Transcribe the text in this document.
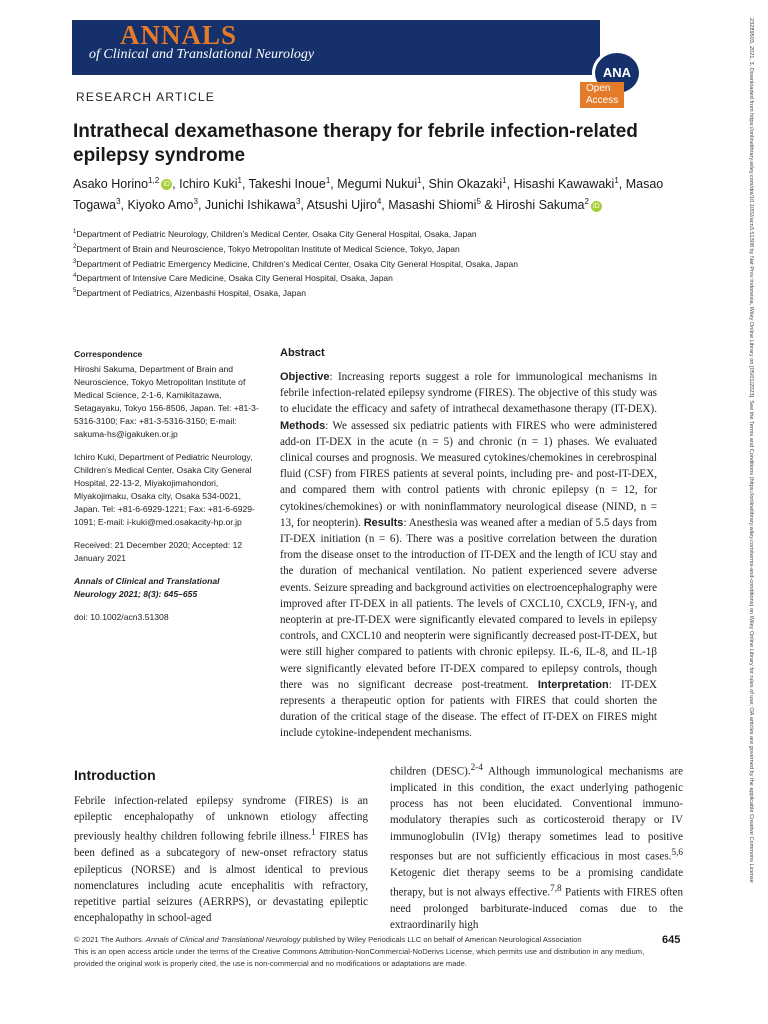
ANNALS
of Clinical and Translational Neurology
ANA
AMERICAN NEUROLOGICAL ASSOCIATION
Open Access
RESEARCH ARTICLE
Intrathecal dexamethasone therapy for febrile infection-related epilepsy syndrome
Asako Horino$^{1,2}$ iD , Ichiro Kuki$^1$, Takeshi Inoue$^1$, Megumi Nukui$^1$, Shin Okazaki$^1$, Hisashi Kawawaki$^1$, Masao Togawa$^3$, Kiyoko Amo$^3$, Junichi Ishikawa$^3$, Atsushi Ujiro$^4$, Masashi Shiomi$^5$ & Hiroshi Sakuma$^2$ iD
$^1$Department of Pediatric Neurology, Children’s Medical Center, Osaka City General Hospital, Osaka, Japan
$^2$Department of Brain and Neuroscience, Tokyo Metropolitan Institute of Medical Science, Tokyo, Japan
$^3$Department of Pediatric Emergency Medicine, Children’s Medical Center, Osaka City General Hospital, Osaka, Japan
$^4$Department of Intensive Care Medicine, Osaka City General Hospital, Osaka, Japan
$^5$Department of Pediatrics, Aizenbashi Hospital, Osaka, Japan
Correspondence

Hiroshi Sakuma, Department of Brain and Neuroscience, Tokyo Metropolitan Institute of Medical Science, 2-1-6, Kamikitazawa, Setagayaku, Tokyo 156-8506, Japan. Tel: +81-3-5316-3100; Fax: +81-3-5316-3150; E-mail: sakuma-hs@igakuken.or.jp

Ichiro Kuki, Department of Pediatric Neurology, Children’s Medical Center, Osaka City General Hospital, 22-13-2, Miyakojimahondori, Miyakojimaku, Osaka city, Osaka 534-0021, Japan. Tel: +81-6-6929-1221; Fax: +81-6-6929-1091; E-mail: i-kuki@med.osakacity-hp.or.jp

Received: 21 December 2020; Accepted: 12 January 2021

Annals of Clinical and Translational Neurology 2021; 8(3): 645–655

doi: 10.1002/acn3.51308

Abstract
Objective: Increasing reports suggest a role for immunological mechanisms in febrile infection-related epilepsy syndrome (FIRES). The objective of this study was to elucidate the efficacy and safety of intrathecal dexamethasone therapy (IT-DEX). Methods: We assessed six pediatric patients with FIRES who were administered add-on IT-DEX in the acute (n = 5) and chronic (n = 1) phases. We evaluated clinical courses and prognosis. We measured cytokines/chemokines in cerebrospinal fluid (CSF) from FIRES patients at several points, including pre- and post-IT-DEX, and compared them with control patients with chronic epilepsy (n = 12, for cytokines/chemokines) or with noninflammatory neurological disease (NIND, n = 13, for neopterin). Results: Anesthesia was weaned after a median of 5.5 days from IT-DEX initiation (n = 6). There was a positive correlation between the duration from the disease onset to the introduction of IT-DEX and the length of ICU stay and the duration of mechanical ventilation. No patient experienced severe adverse events. Seizure spreading and background activities on electroencephalography were improved after IT-DEX in all patients. The levels of CXCL10, CXCL9, IFN-γ, and neopterin at pre-IT-DEX were significantly elevated compared to levels in epilepsy controls, and CXCL10 and neopterin were significantly decreased post-IT-DEX, but were still higher compared to patients with chronic epilepsy. IL-6, IL-8, and IL-1β were significantly elevated before IT-DEX compared to epilepsy controls, though there was no significant decrease post-treatment. Interpretation: IT-DEX represents a therapeutic option for patients with FIRES that could shorten the duration of the critical stage of the disease. The effect of IT-DEX on FIRES might include cytokine-independent mechanisms.
Introduction
Febrile infection-related epilepsy syndrome (FIRES) is an epileptic encephalopathy of unknown etiology affecting previously healthy children following febrile illness.$^1$ FIRES has been defined as a subcategory of new-onset refractory status epilepticus (NORSE) and is almost identical to previous nomenclatures including acute encephalitis with refractory, repetitive partial seizures (AERRPS), or devastating epileptic encephalopathy in school-aged
children (DESC).$^{2-4}$ Although immunological mechanisms are implicated in this condition, the exact underlying pathogenic process has not been elucidated. Conventional immuno-modulatory therapies such as corticosteroid therapy or IV immunoglobulin (IVIg) therapy sometimes lead to positive responses but are not sufficiently efficacious in most cases.$^{5,6}$ Ketogenic diet therapy seems to be a promising candidate therapy, but is not always effective.$^{7,8}$ Patients with FIRES often need prolonged barbiturate-induced comas due to the extraordinarily high
© 2021 The Authors. Annals of Clinical and Translational Neurology published by Wiley Periodicals LLC on behalf of American Neurological Association
This is an open access article under the terms of the Creative Commons Attribution-NonCommercial-NoDerivs License, which permits use and distribution in any medium, provided the original work is properly cited, the use is non-commercial and no modifications or adaptations are made.
645
23289503, 2021, 3, Downloaded from https://onlinelibrary.wiley.com/doi/10.1002/acn3.51308 by Nat Prov Indonesia, Wiley Online Library on [05/01/2023]. See the Terms and Conditions (https://onlinelibrary.wiley.com/terms-and-conditions) on Wiley Online Library for rules of use; OA articles are governed by the applicable Creative Commons License
